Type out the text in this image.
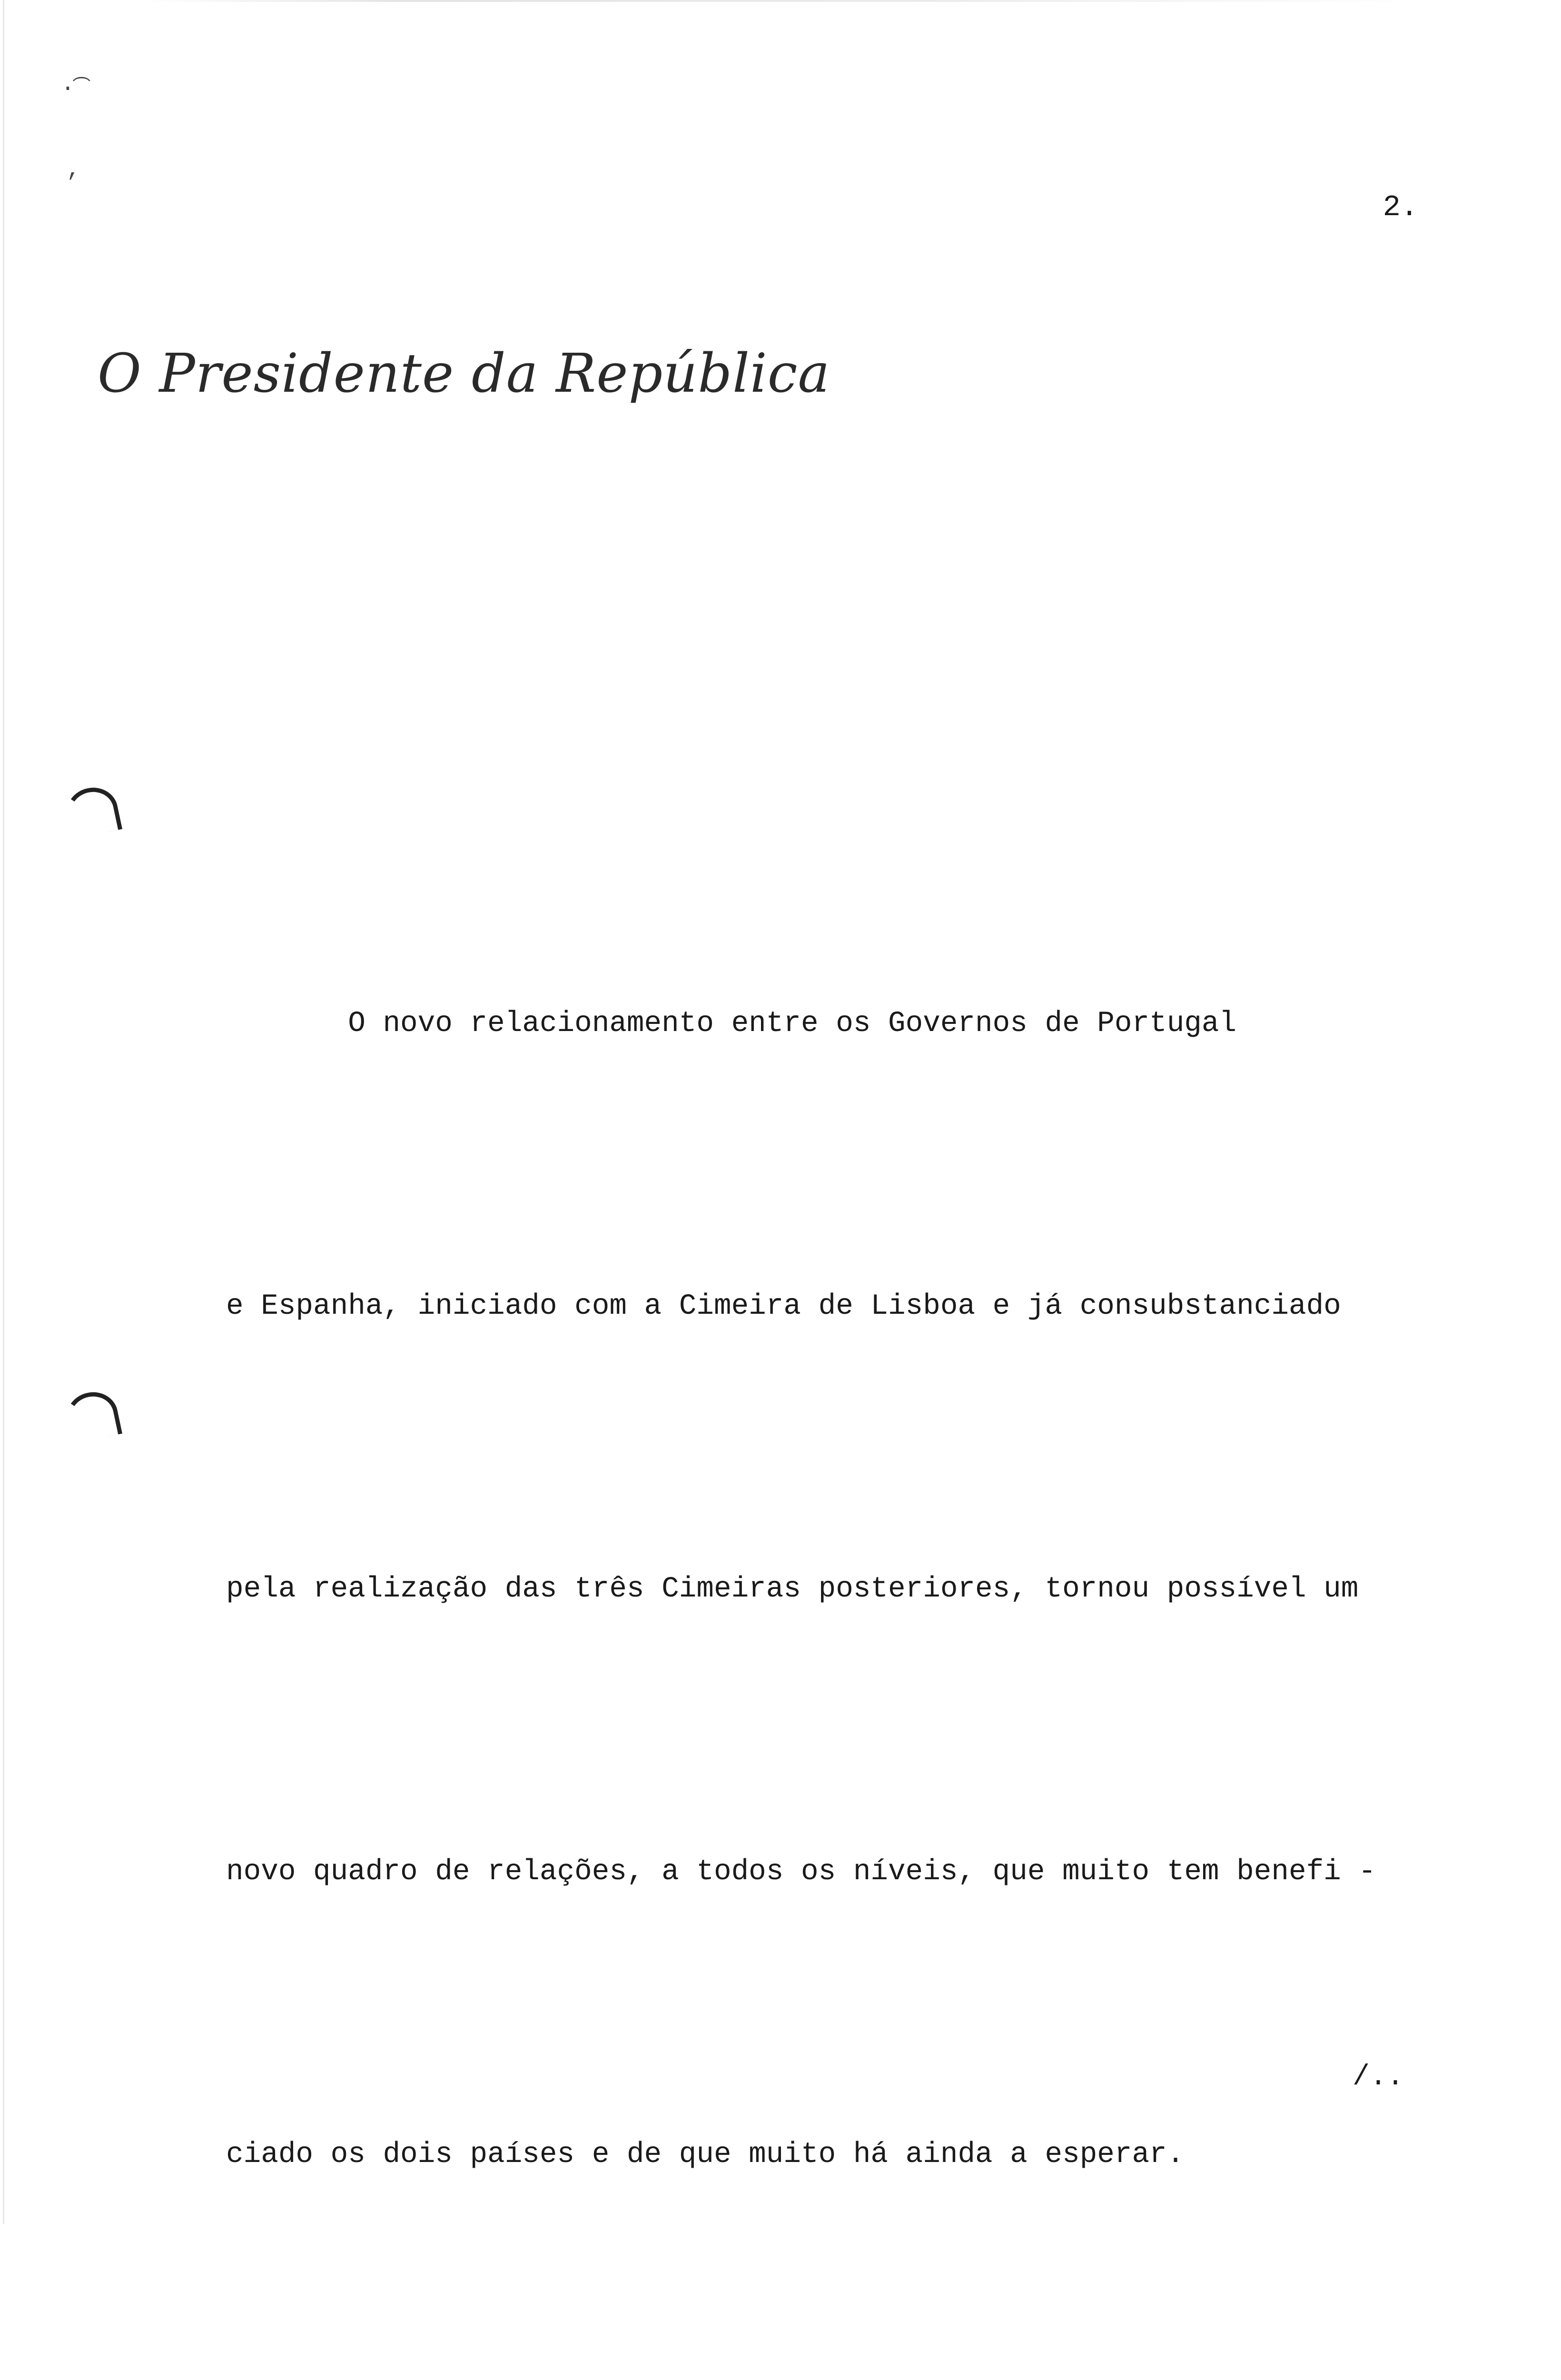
·͡
,
2.
O Presidente da República

O novo relacionamento entre os Governos de Portugal

e Espanha, iniciado com a Cimeira de Lisboa e já consubstanciado

pela realização das três Cimeiras posteriores, tornou possível um

novo quadro de relações, a todos os níveis, que muito tem benefi -

ciado os dois países e de que muito há ainda a esperar.

/..
